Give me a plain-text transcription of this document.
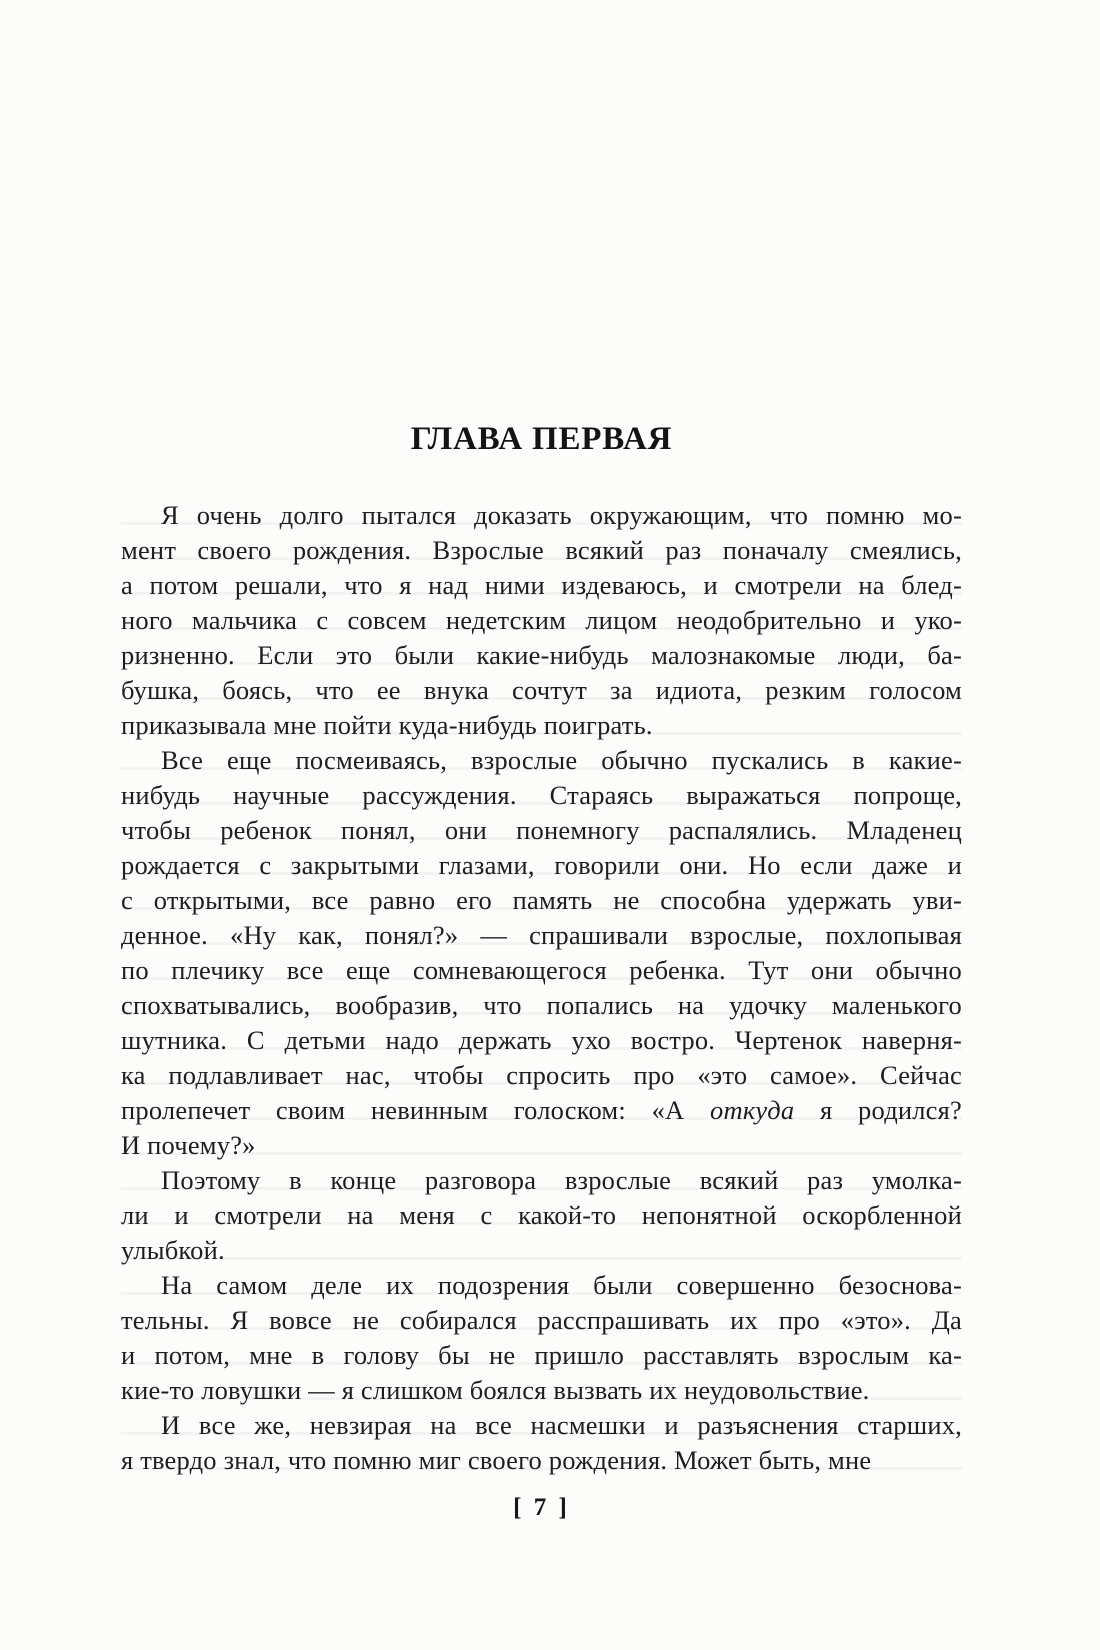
ГЛАВА ПЕРВАЯ
Я очень долго пытался доказать окружающим, что помню мо-
мент своего рождения. Взрослые всякий раз поначалу смеялись,
а потом решали, что я над ними издеваюсь, и смотрели на блед-
ного мальчика с совсем недетским лицом неодобрительно и уко-
ризненно. Если это были какие-нибудь малознакомые люди, ба-
бушка, боясь, что ее внука сочтут за идиота, резким голосом
приказывала мне пойти куда-нибудь поиграть.
Все еще посмеиваясь, взрослые обычно пускались в какие-
нибудь научные рассуждения. Стараясь выражаться попроще,
чтобы ребенок понял, они понемногу распалялись. Младенец
рождается с закрытыми глазами, говорили они. Но если даже и
с открытыми, все равно его память не способна удержать уви-
денное. «Ну как, понял?» — спрашивали взрослые, похлопывая
по плечику все еще сомневающегося ребенка. Тут они обычно
спохватывались, вообразив, что попались на удочку маленького
шутника. С детьми надо держать ухо востро. Чертенок наверня-
ка подлавливает нас, чтобы спросить про «это самое». Сейчас
пролепечет своим невинным голоском: «А откуда я родился?
И почему?»
Поэтому в конце разговора взрослые всякий раз умолка-
ли и смотрели на меня с какой-то непонятной оскорбленной
улыбкой.
На самом деле их подозрения были совершенно безоснова-
тельны. Я вовсе не собирался расспрашивать их про «это». Да
и потом, мне в голову бы не пришло расставлять взрослым ка-
кие-то ловушки — я слишком боялся вызвать их неудовольствие.
И все же, невзирая на все насмешки и разъяснения старших,
я твердо знал, что помню миг своего рождения. Может быть, мне
[ 7 ]
